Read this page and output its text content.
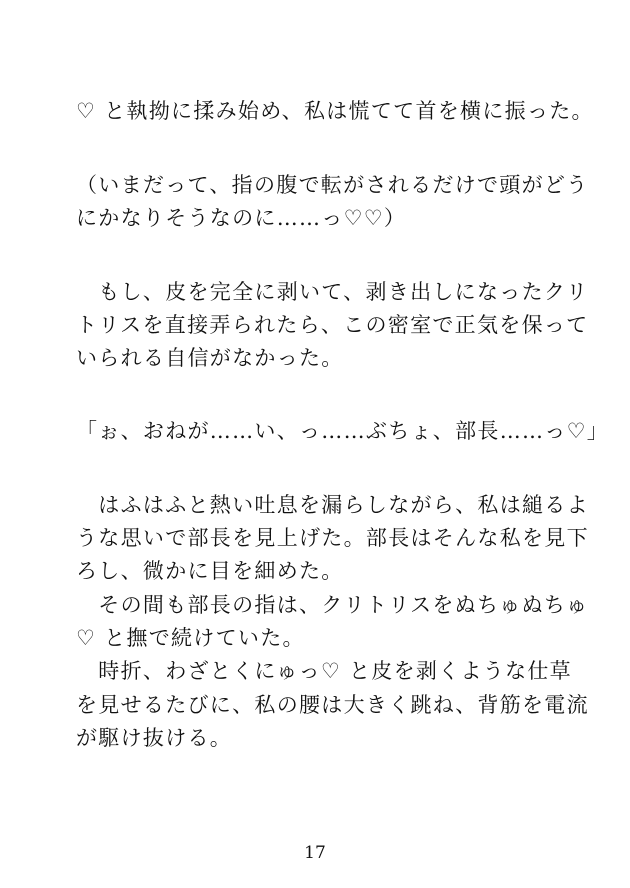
♡ と執拗に揉み始め、私は慌てて首を横に振った。

（いまだって、指の腹で転がされるだけで頭がどう

にかなりそうなのに……っ♡♡）

　もし、皮を完全に剥いて、剥き出しになったクリ

トリスを直接弄られたら、この密室で正気を保って

いられる自信がなかった。

「ぉ、おねが……い、っ……ぶちょ、部長……っ♡」

　はふはふと熱い吐息を漏らしながら、私は縋るよ

うな思いで部長を見上げた。部長はそんな私を見下

ろし、微かに目を細めた。

　その間も部長の指は、クリトリスをぬちゅぬちゅ

♡ と撫で続けていた。

　時折、わざとくにゅっ♡ と皮を剥くような仕草

を見せるたびに、私の腰は大きく跳ね、背筋を電流

が駆け抜ける。

17
